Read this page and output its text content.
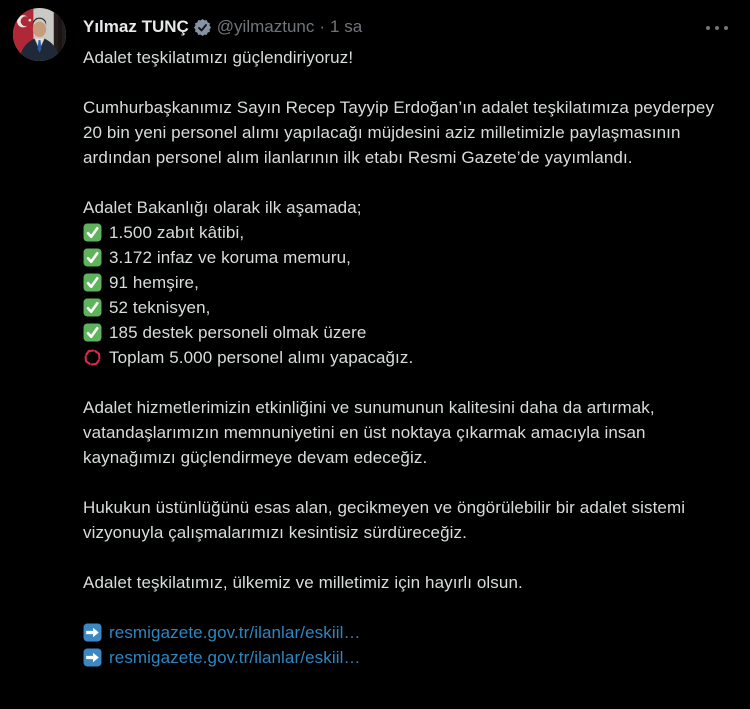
Yılmaz TUNÇ @yilmaztunc · 1 sa

Adalet teşkilatımızı güçlendiriyoruz!

Cumhurbaşkanımız Sayın Recep Tayyip Erdoğan’ın adalet teşkilatımıza peyderpey 20 bin yeni personel alımı yapılacağı müjdesini aziz milletimizle paylaşmasının ardından personel alım ilanlarının ilk etabı Resmi Gazete’de yayımlandı.

Adalet Bakanlığı olarak ilk aşamada;
1.500 zabıt kâtibi,
3.172 infaz ve koruma memuru,
91 hemşire,
52 teknisyen,
185 destek personeli olmak üzere
Toplam 5.000 personel alımı yapacağız.

Adalet hizmetlerimizin etkinliğini ve sunumunun kalitesini daha da artırmak, vatandaşlarımızın memnuniyetini en üst noktaya çıkarmak amacıyla insan kaynağımızı güçlendirmeye devam edeceğiz.

Hukukun üstünlüğünü esas alan, gecikmeyen ve öngörülebilir bir adalet sistemi vizyonuyla çalışmalarımızı kesintisiz sürdüreceğiz.

Adalet teşkilatımız, ülkemiz ve milletimiz için hayırlı olsun.

resmigazete.gov.tr/ilanlar/eskiil…
resmigazete.gov.tr/ilanlar/eskiil…
